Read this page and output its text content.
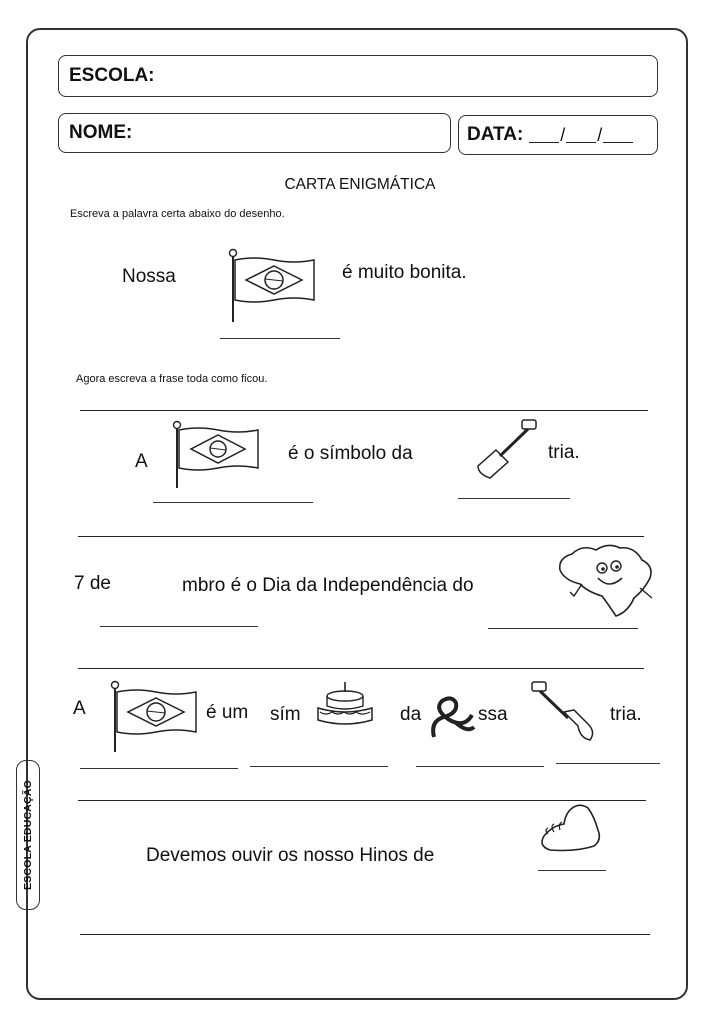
ESCOLA:
NOME:	DATA: / /
CARTA ENIGMÁTICA
Escreva a palavra certa abaixo do desenho.
Nossa	é muito bonita.
Agora escreva a frase toda como ficou.
A	é o símbolo da	tria.
7 de	mbro é o Dia da Independência do
A	é um sím	da	ssa	tria.
Devemos ouvir os nosso Hinos de
ESCOLA EDUCAÇÃO
